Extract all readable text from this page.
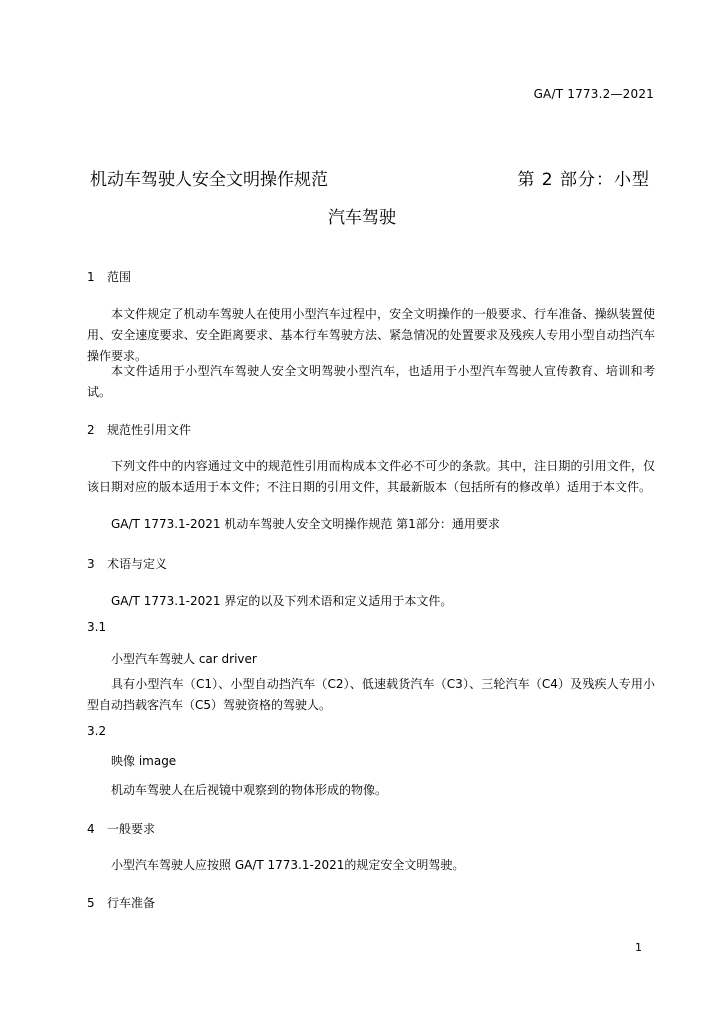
GA/T 1773.2—2021
机动车驾驶人安全文明操作规范	第 2 部分：小型
汽车驾驶
1 范围
本文件规定了机动车驾驶人在使用小型汽车过程中，安全文明操作的一般要求、行车准备、操纵装置使用、安全速度要求、安全距离要求、基本行车驾驶方法、紧急情况的处置要求及残疾人专用小型自动挡汽车操作要求。
本文件适用于小型汽车驾驶人安全文明驾驶小型汽车，也适用于小型汽车驾驶人宣传教育、培训和考试。
2 规范性引用文件
下列文件中的内容通过文中的规范性引用而构成本文件必不可少的条款。其中，注日期的引用文件，仅该日期对应的版本适用于本文件；不注日期的引用文件，其最新版本（包括所有的修改单）适用于本文件。
GA/T 1773.1-2021 机动车驾驶人安全文明操作规范 第1部分：通用要求
3 术语与定义
GA/T 1773.1-2021 界定的以及下列术语和定义适用于本文件。
3.1
小型汽车驾驶人 car driver
具有小型汽车（C1）、小型自动挡汽车（C2）、低速载货汽车（C3）、三轮汽车（C4）及残疾人专用小型自动挡载客汽车（C5）驾驶资格的驾驶人。
3.2
映像 image
机动车驾驶人在后视镜中观察到的物体形成的物像。
4 一般要求
小型汽车驾驶人应按照 GA/T 1773.1-2021的规定安全文明驾驶。
5 行车准备
1
